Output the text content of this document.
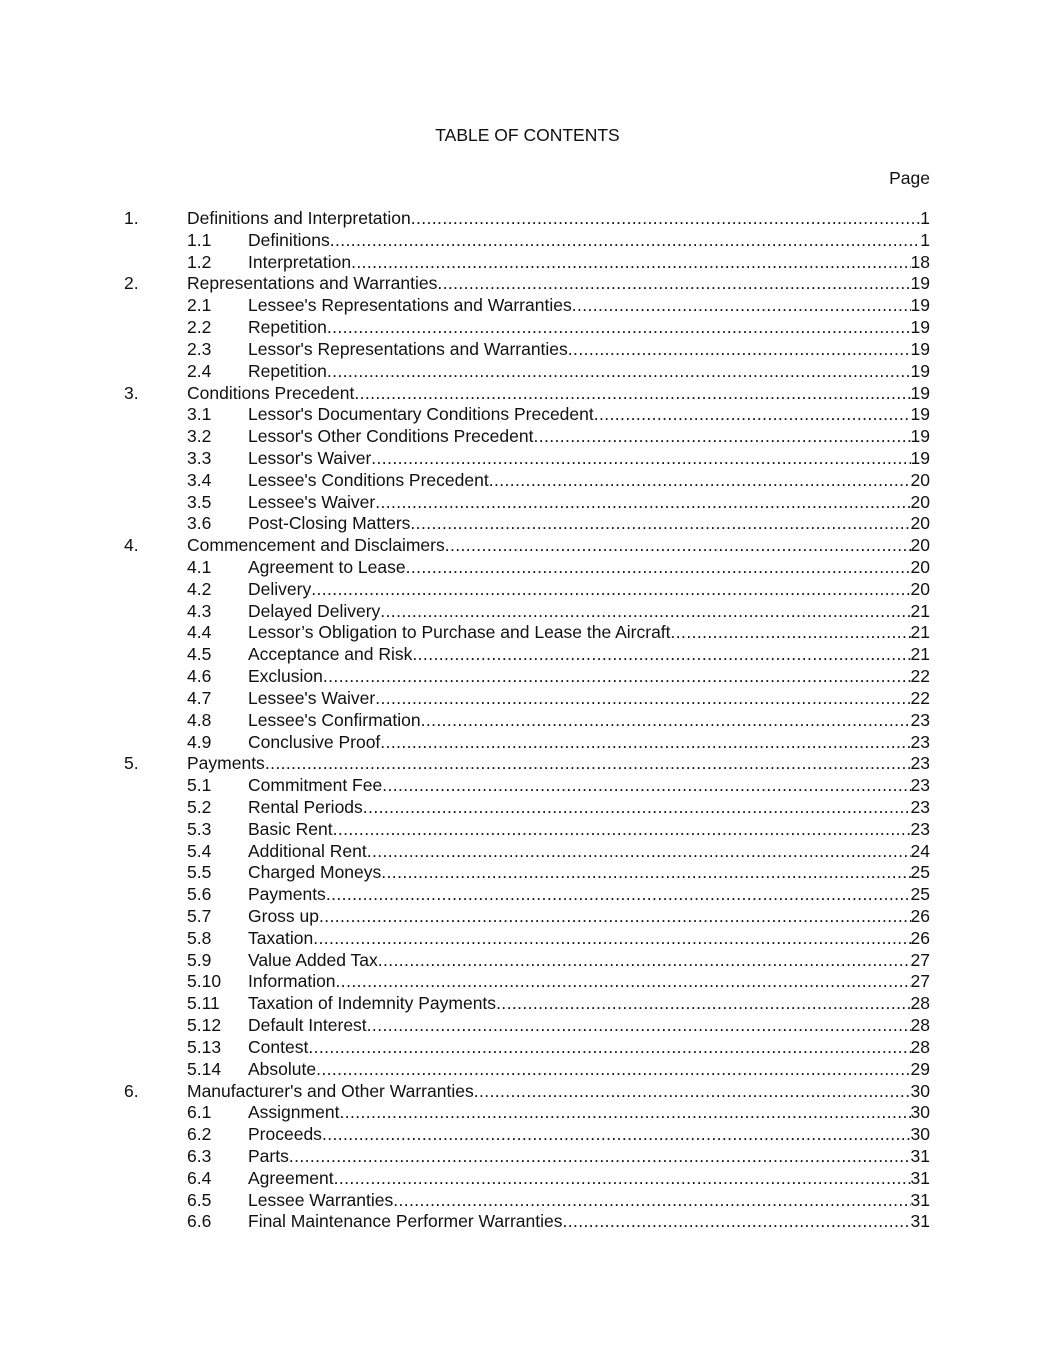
TABLE OF CONTENTS
Page
1.	Definitions and Interpretation .....	1
1.1 Definitions .....	1
1.2 Interpretation .....	18
2.	Representations and Warranties .....	19
2.1 Lessee's Representations and Warranties .....	19
2.2 Repetition .....	19
2.3 Lessor's Representations and Warranties .....	19
2.4 Repetition .....	19
3.	Conditions Precedent .....	19
3.1 Lessor's Documentary Conditions Precedent .....	19
3.2 Lessor's Other Conditions Precedent .....	19
3.3 Lessor's Waiver .....	19
3.4 Lessee's Conditions Precedent .....	20
3.5 Lessee's Waiver .....	20
3.6 Post-Closing Matters .....	20
4.	Commencement and Disclaimers .....	20
4.1 Agreement to Lease .....	20
4.2 Delivery .....	20
4.3 Delayed Delivery .....	21
4.4 Lessor’s Obligation to Purchase and Lease the Aircraft .....	21
4.5 Acceptance and Risk .....	21
4.6 Exclusion .....	22
4.7 Lessee's Waiver .....	22
4.8 Lessee's Confirmation .....	23
4.9 Conclusive Proof .....	23
5.	Payments .....	23
5.1 Commitment Fee .....	23
5.2 Rental Periods .....	23
5.3 Basic Rent .....	23
5.4 Additional Rent .....	24
5.5 Charged Moneys .....	25
5.6 Payments .....	25
5.7 Gross up .....	26
5.8 Taxation .....	26
5.9 Value Added Tax .....	27
5.10 Information .....	27
5.11 Taxation of Indemnity Payments .....	28
5.12 Default Interest .....	28
5.13 Contest .....	28
5.14 Absolute .....	29
6.	Manufacturer's and Other Warranties .....	30
6.1 Assignment .....	30
6.2 Proceeds .....	30
6.3 Parts .....	31
6.4 Agreement .....	31
6.5 Lessee Warranties .....	31
6.6 Final Maintenance Performer Warranties .....	31
